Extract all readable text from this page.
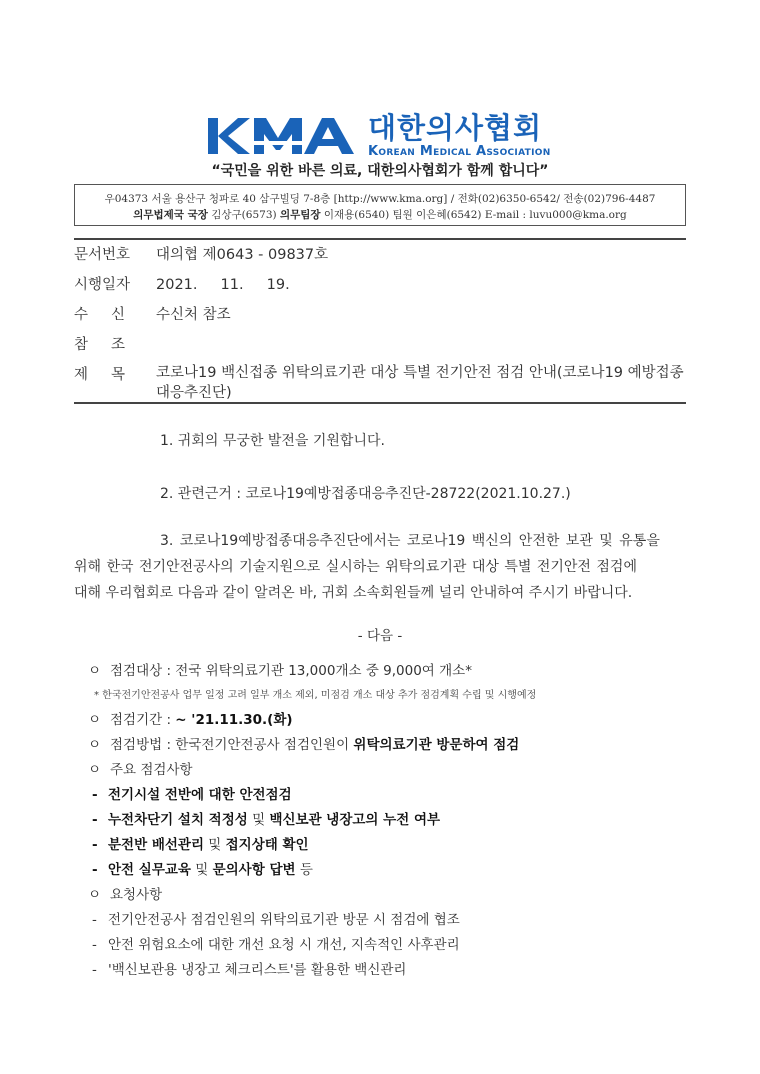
대한의사협회
Korean Medical Association
“국민을 위한 바른 의료, 대한의사협회가 함께 합니다”
우04373 서울 용산구 청파로 40 삼구빌딩 7-8층 [http://www.kma.org] / 전화(02)6350-6542/ 전송(02)796-4487
의무법제국 국장 김상구(6573) 의무팀장 이재용(6540) 팀원 이은혜(6542) E-mail : luvu000@kma.org
문서번호 대의협 제0643 - 09837호
시행일자 2021.     11.     19.
수     신 수신처 참조
참     조
제     목	코로나19 백신접종 위탁의료기관 대상 특별 전기안전 점검 안내(코로나19 예방접종대응추진단)
1. 귀회의 무궁한 발전을 기원합니다.
2. 관련근거 : 코로나19예방접종대응추진단-28722(2021.10.27.)
3. 코로나19예방접종대응추진단에서는 코로나19 백신의 안전한 보관 및 유통을
위해 한국 전기안전공사의 기술지원으로 실시하는 위탁의료기관 대상 특별 전기안전 점검에
대해 우리협회로 다음과 같이 알려온 바, 귀회 소속회원들께 널리 안내하여 주시기 바랍니다.
- 다음 -
ㅇ 점검대상 : 전국 위탁의료기관 13,000개소 중 9,000여 개소*
* 한국전기안전공사 업무 일정 고려 일부 개소 제외, 미점검 개소 대상 추가 점검계획 수립 및 시행예정
ㅇ 점검기간 : ~ '21.11.30.(화)
ㅇ 점검방법 : 한국전기안전공사 점검인원이 위탁의료기관 방문하여 점검
ㅇ 주요 점검사항
- 전기시설 전반에 대한 안전점검
- 누전차단기 설치 적정성 및 백신보관 냉장고의 누전 여부
- 분전반 배선관리 및 접지상태 확인
- 안전 실무교육 및 문의사항 답변 등
ㅇ 요청사항
- 전기안전공사 점검인원의 위탁의료기관 방문 시 점검에 협조
- 안전 위험요소에 대한 개선 요청 시 개선, 지속적인 사후관리
- '백신보관용 냉장고 체크리스트'를 활용한 백신관리
